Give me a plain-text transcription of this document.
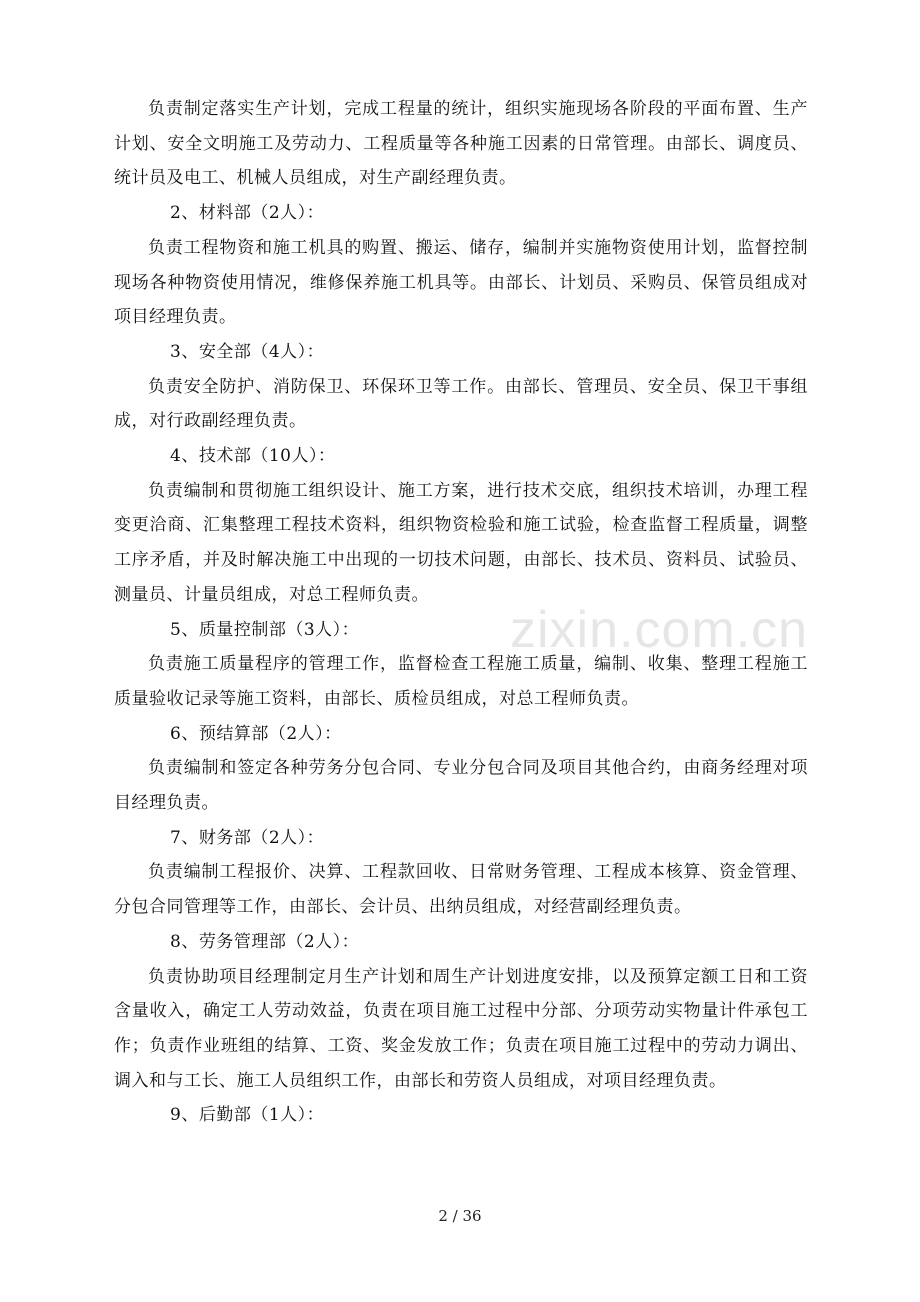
负责制定落实生产计划，完成工程量的统计，组织实施现场各阶段的平面布置、生产计划、安全文明施工及劳动力、工程质量等各种施工因素的日常管理。由部长、调度员、统计员及电工、机械人员组成，对生产副经理负责。

2、材料部（2人）：

负责工程物资和施工机具的购置、搬运、储存，编制并实施物资使用计划，监督控制现场各种物资使用情况，维修保养施工机具等。由部长、计划员、采购员、保管员组成对项目经理负责。

3、安全部（4人）：

负责安全防护、消防保卫、环保环卫等工作。由部长、管理员、安全员、保卫干事组成，对行政副经理负责。

4、技术部（10人）：

负责编制和贯彻施工组织设计、施工方案，进行技术交底，组织技术培训，办理工程变更洽商、汇集整理工程技术资料，组织物资检验和施工试验，检查监督工程质量，调整工序矛盾，并及时解决施工中出现的一切技术问题，由部长、技术员、资料员、试验员、测量员、计量员组成，对总工程师负责。

5、质量控制部（3人）：

负责施工质量程序的管理工作，监督检查工程施工质量，编制、收集、整理工程施工质量验收记录等施工资料，由部长、质检员组成，对总工程师负责。

6、预结算部（2人）：

负责编制和签定各种劳务分包合同、专业分包合同及项目其他合约，由商务经理对项目经理负责。

7、财务部（2人）：

负责编制工程报价、决算、工程款回收、日常财务管理、工程成本核算、资金管理、分包合同管理等工作，由部长、会计员、出纳员组成，对经营副经理负责。

8、劳务管理部（2人）：

负责协助项目经理制定月生产计划和周生产计划进度安排，以及预算定额工日和工资含量收入，确定工人劳动效益，负责在项目施工过程中分部、分项劳动实物量计件承包工作；负责作业班组的结算、工资、奖金发放工作；负责在项目施工过程中的劳动力调出、调入和与工长、施工人员组织工作，由部长和劳资人员组成，对项目经理负责。

9、后勤部（1人）：

zixin.com.cn
2 / 36
